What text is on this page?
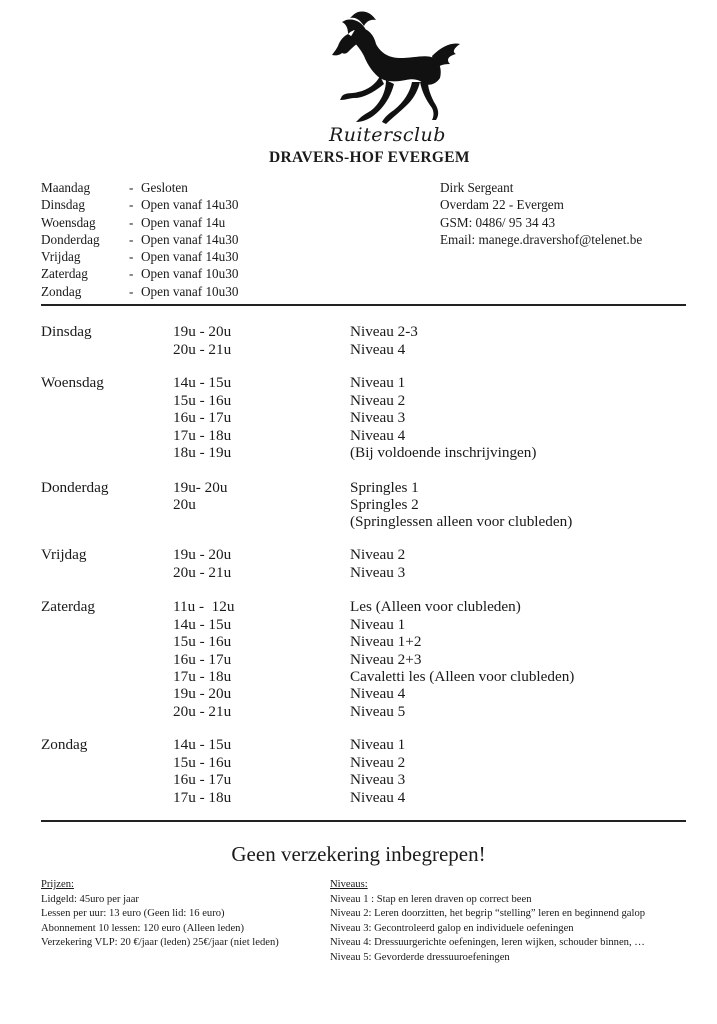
Ruitersclub
DRAVERS-HOF EVERGEM
Maandag	- Gesloten
Dinsdag	- Open vanaf 14u30
Woensdag	- Open vanaf 14u
Donderdag - Open vanaf 14u30
Vrijdag	- Open vanaf 14u30
Zaterdag	- Open vanaf 10u30
Zondag	- Open vanaf 10u30
Dirk Sergeant
Overdam 22 - Evergem
GSM: 0486/ 95 34 43
Email: manege.dravershof@telenet.be
Dinsdag	19u - 20u	Niveau 2-3
20u - 21u	Niveau 4
Woensdag	14u - 15u	Niveau 1
15u - 16u	Niveau 2
16u - 17u	Niveau 3
17u - 18u	Niveau 4
18u - 19u	(Bij voldoende inschrijvingen)
Donderdag	19u- 20u	Springles 1
20u	Springles 2
(Springlessen alleen voor clubleden)
Vrijdag	19u - 20u	Niveau 2
20u - 21u	Niveau 3
Zaterdag	11u -  12u	Les (Alleen voor clubleden)
14u - 15u	Niveau 1
15u - 16u	Niveau 1+2
16u - 17u	Niveau 2+3
17u - 18u	Cavaletti les (Alleen voor clubleden)
19u - 20u	Niveau 4
20u - 21u	Niveau 5
Zondag	14u - 15u	Niveau 1
15u - 16u	Niveau 2
16u - 17u	Niveau 3
17u - 18u	Niveau 4
Geen verzekering inbegrepen!
Prijzen:
Lidgeld: 45uro per jaar
Lessen per uur: 13 euro (Geen lid: 16 euro)
Abonnement 10 lessen: 120 euro (Alleen leden)
Verzekering VLP: 20 €/jaar (leden) 25€/jaar (niet leden)
Niveaus:
Niveau 1 : Stap en leren draven op correct been
Niveau 2: Leren doorzitten, het begrip “stelling” leren en beginnend galop
Niveau 3: Gecontroleerd galop en individuele oefeningen
Niveau 4: Dressuurgerichte oefeningen, leren wijken, schouder binnen, …
Niveau 5: Gevorderde dressuuroefeningen
